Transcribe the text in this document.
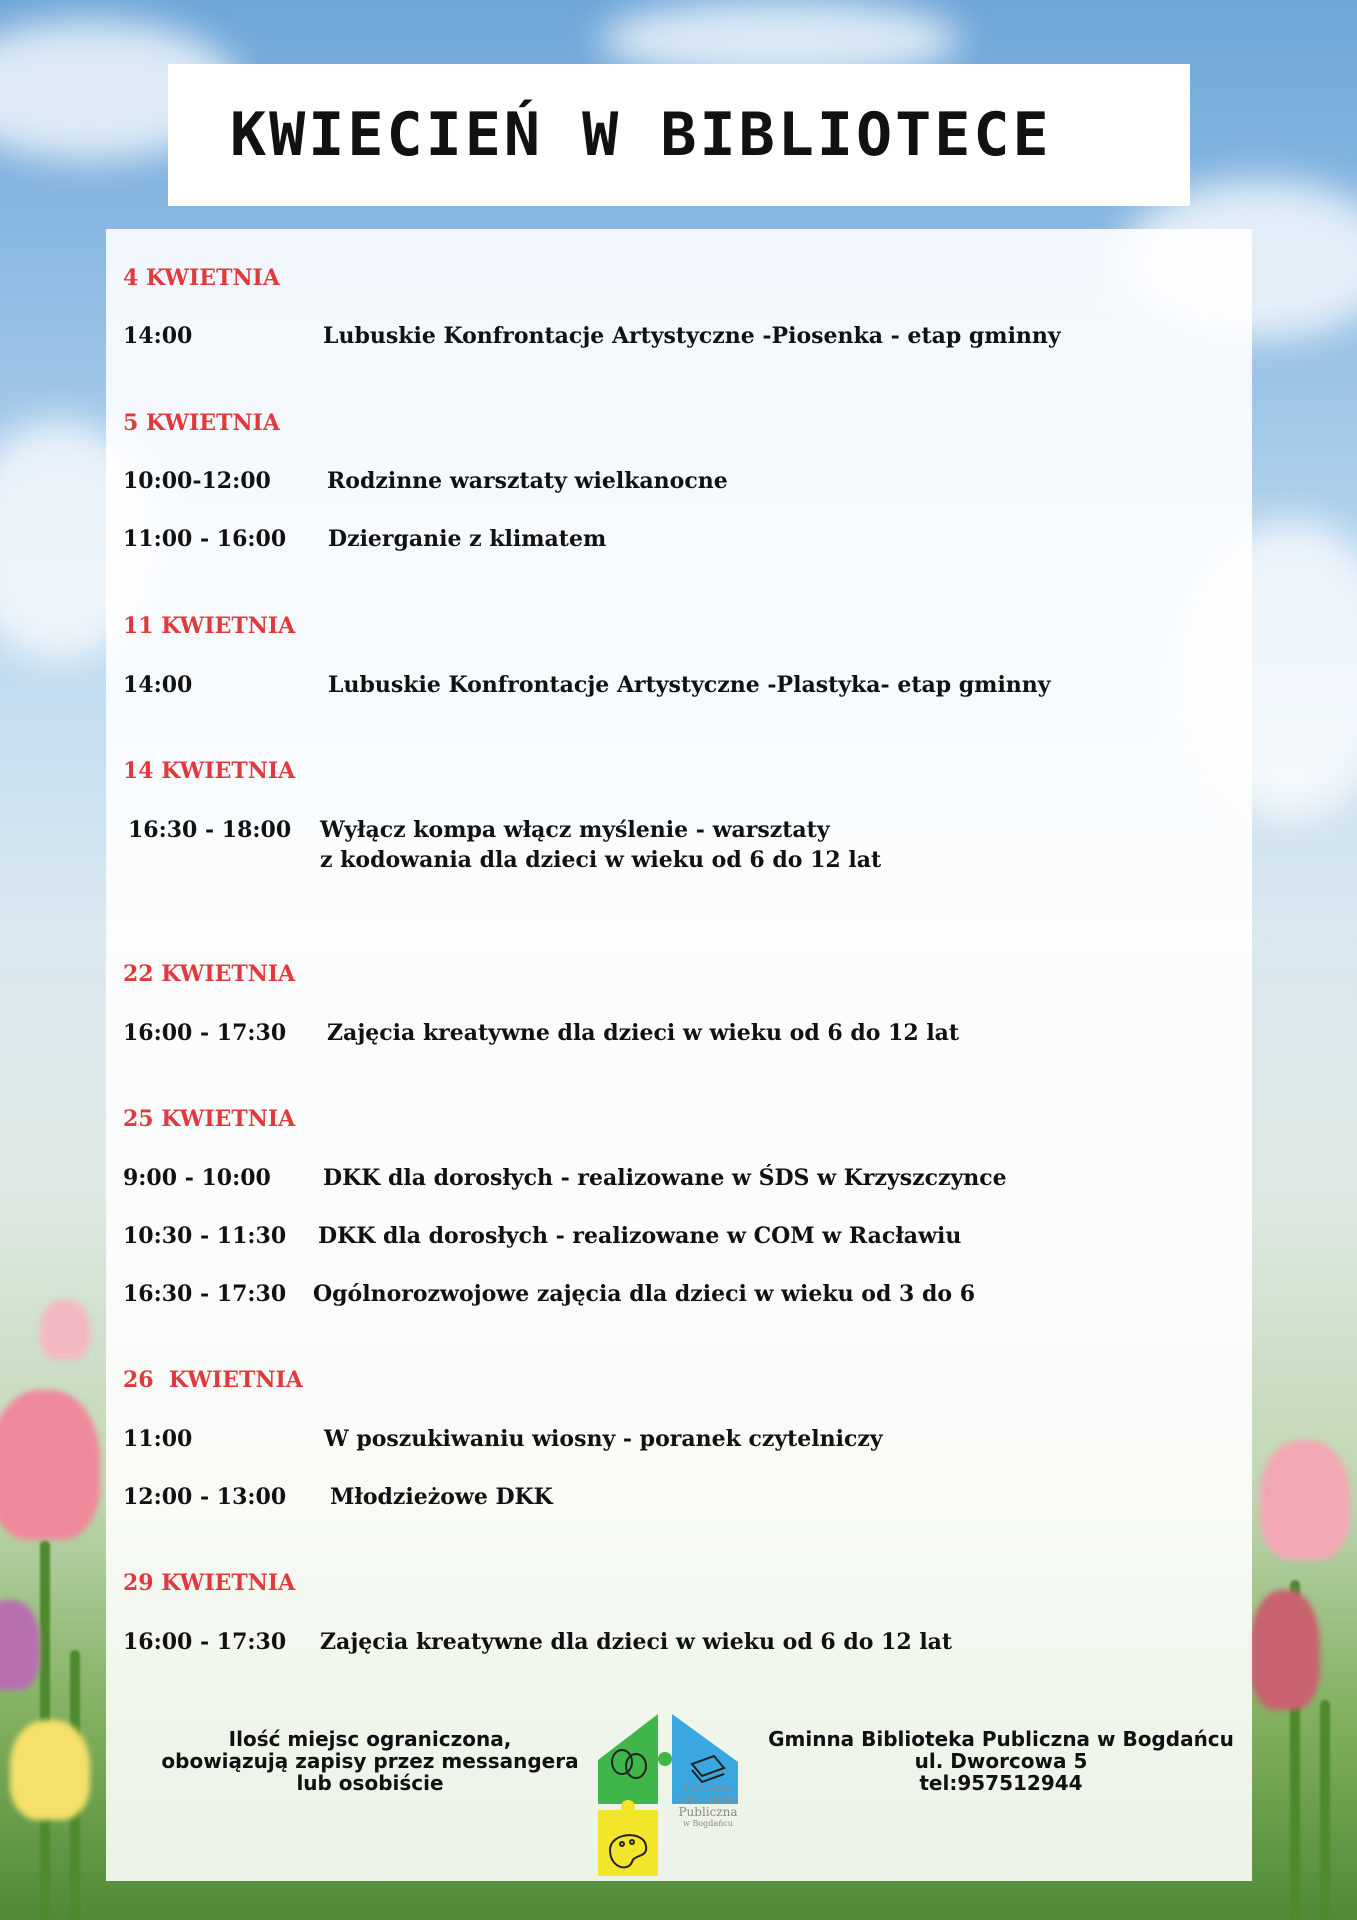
KWIECIEŃ W BIBLIOTECE

4 KWIETNIA

14:00	Lubuskie Konfrontacje Artystyczne -Piosenka - etap gminny

5 KWIETNIA

10:00-12:00	Rodzinne warsztaty wielkanocne

11:00 - 16:00 Dzierganie z klimatem

11 KWIETNIA

14:00	Lubuskie Konfrontacje Artystyczne -Plastyka- etap gminny

14 KWIETNIA

16:30 - 18:00 Wyłącz kompa włącz myślenie - warsztaty

z kodowania dla dzieci w wieku od 6 do 12 lat

22 KWIETNIA

16:00 - 17:30 Zajęcia kreatywne dla dzieci w wieku od 6 do 12 lat

25 KWIETNIA

9:00 - 10:00 DKK dla dorosłych - realizowane w ŚDS w Krzyszczynce

10:30 - 11:30 DKK dla dorosłych - realizowane w COM w Racławiu

16:30 - 17:30 Ogólnorozwojowe zajęcia dla dzieci w wieku od 3 do 6

26  KWIETNIA

11:00	W poszukiwaniu wiosny - poranek czytelniczy

12:00 - 13:00 Młodzieżowe DKK

29 KWIETNIA

16:00 - 17:30 Zajęcia kreatywne dla dzieci w wieku od 6 do 12 lat

Ilość miejsc ograniczona,
obowiązują zapisy przez messangera
lub osobiście	Gminna
Biblioteka
Publiczna
w Bogdańcu
Gminna Biblioteka Publiczna w Bogdańcu
ul. Dworcowa 5
tel:957512944
